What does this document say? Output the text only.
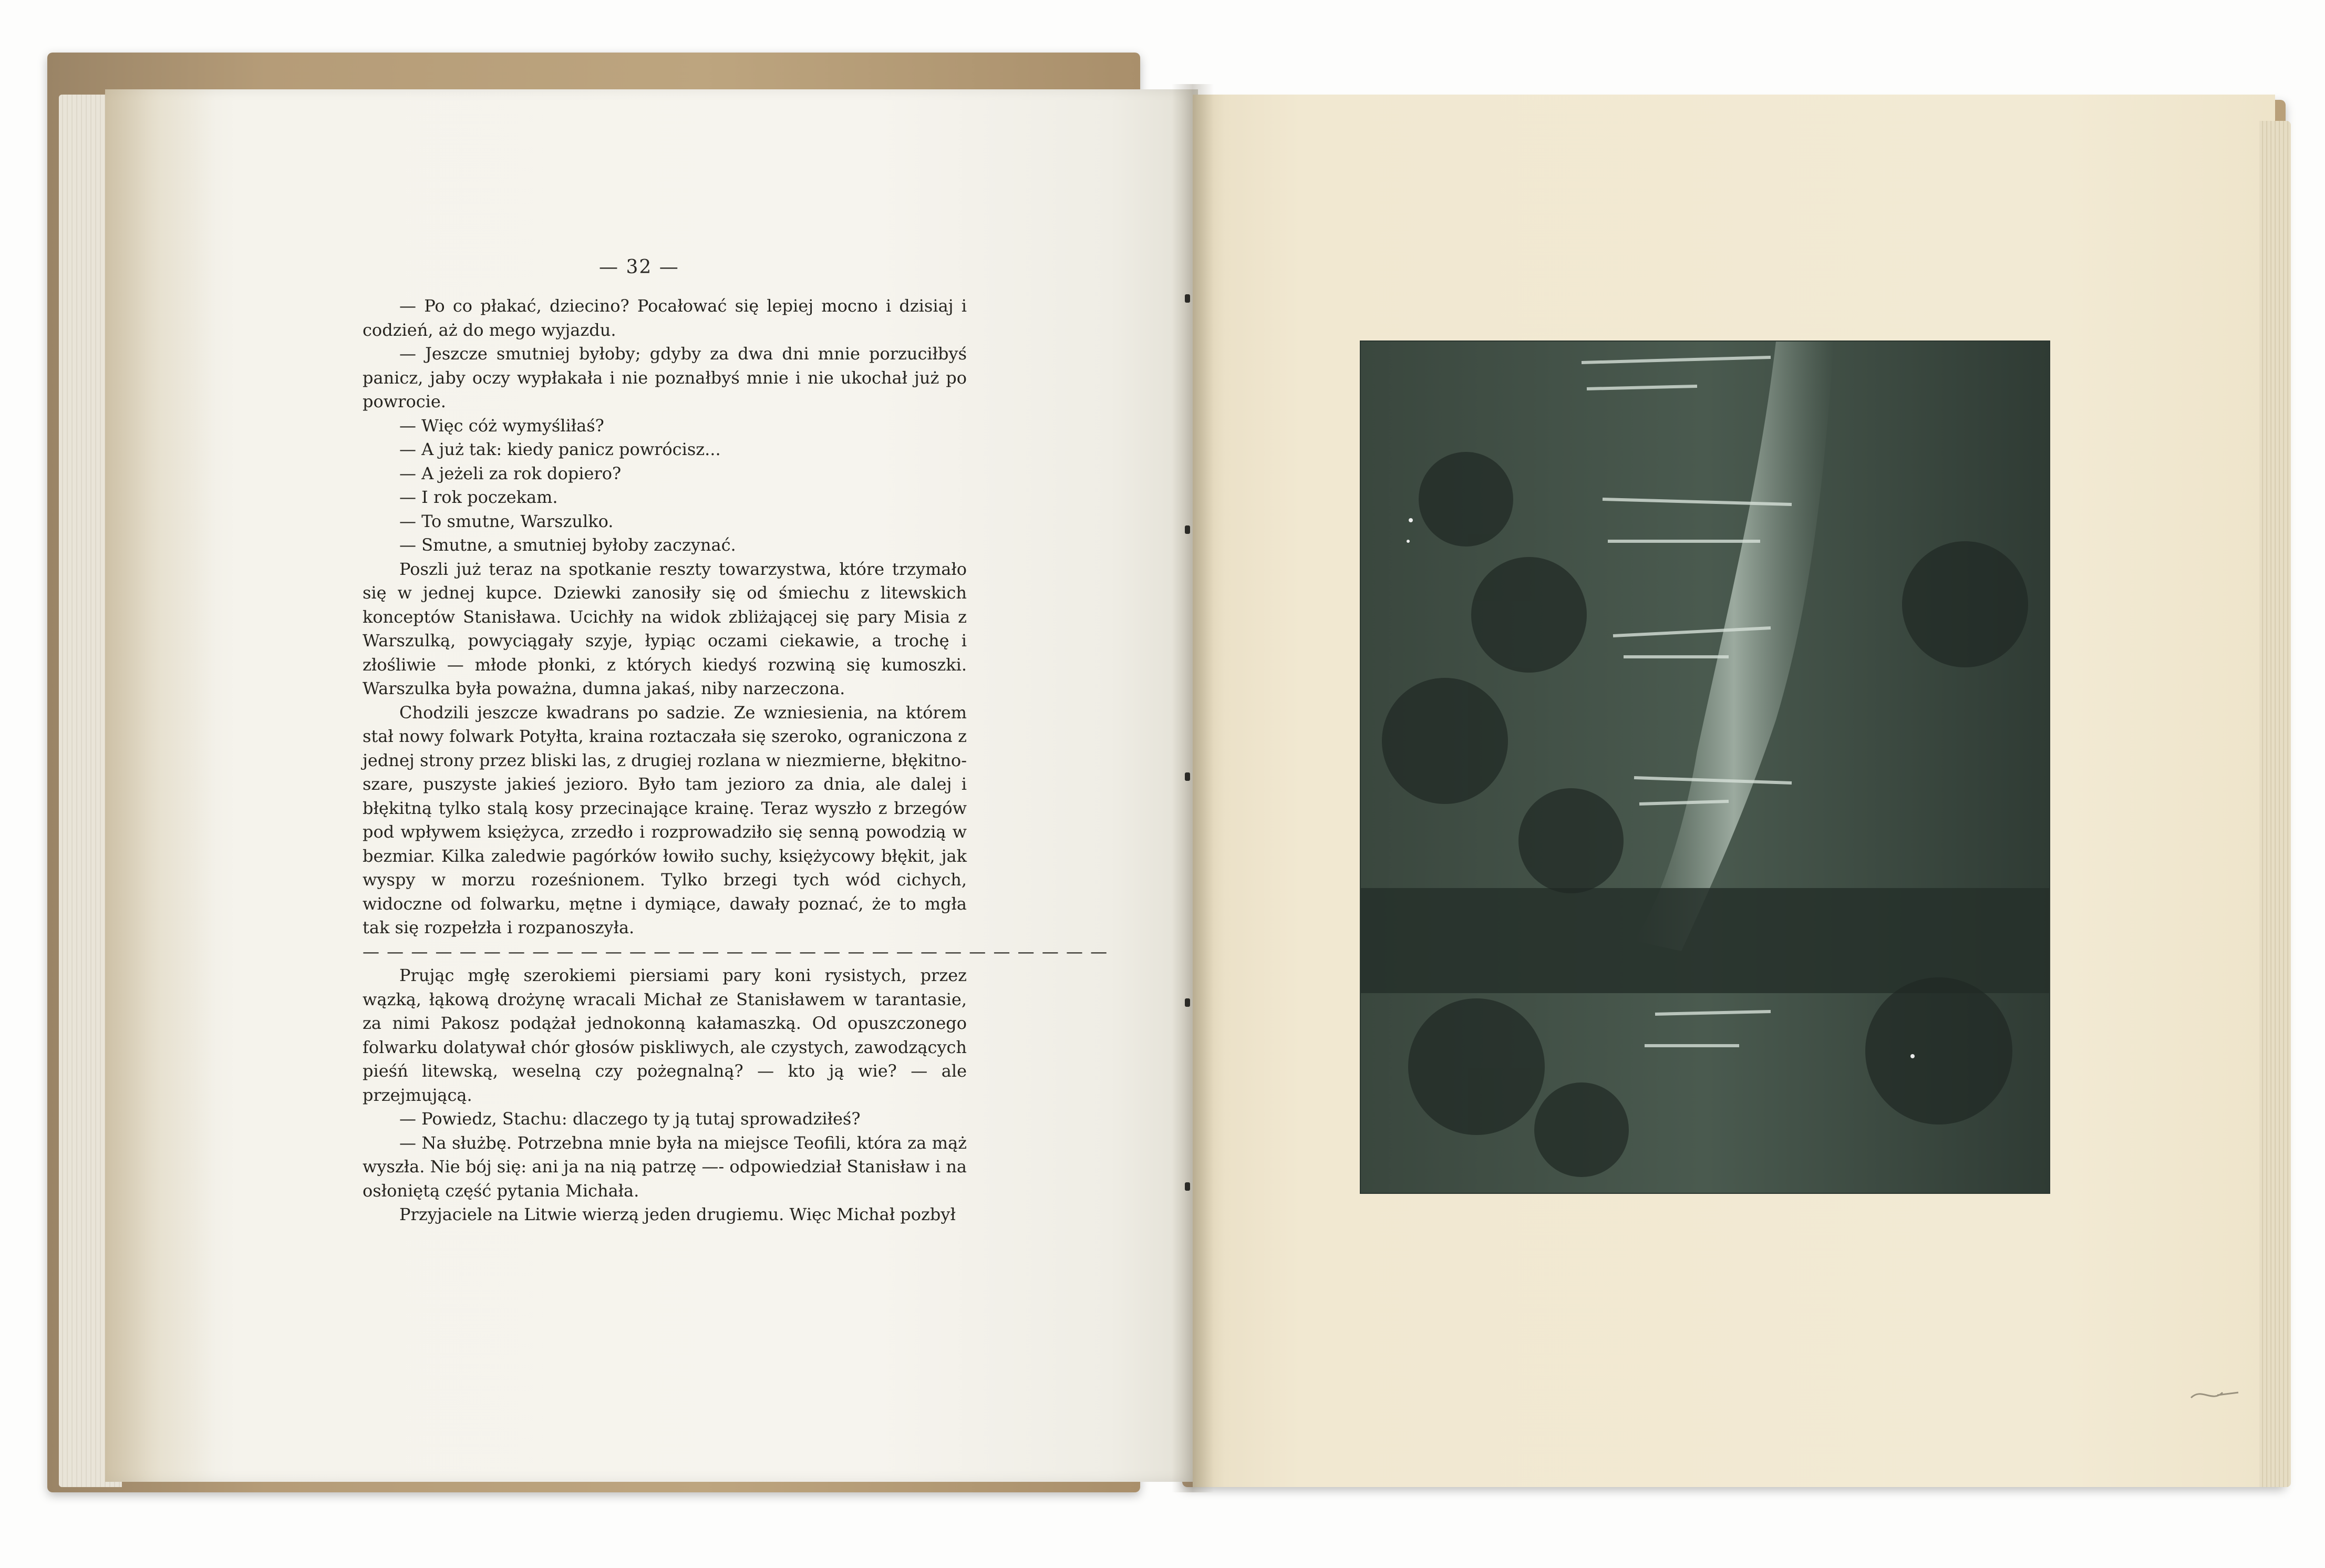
— 32 —

— Po co płakać, dziecino? Pocałować się lepiej mocno i dzisiaj i codzień, aż do mego wyjazdu.

— Jeszcze smutniej byłoby; gdyby za dwa dni mnie porzuciłbyś panicz, jaby oczy wypłakała i nie poznałbyś mnie i nie ukochał już po powrocie.

— Więc cóż wymyśliłaś?

— A już tak: kiedy panicz powrócisz...

— A jeżeli za rok dopiero?

— I rok poczekam.

— To smutne, Warszulko.

— Smutne, a smutniej byłoby zaczynać.

Poszli już teraz na spotkanie reszty towarzystwa, które trzymało się w jednej kupce. Dziewki zanosiły się od śmiechu z litewskich konceptów Stanisława. Ucichły na widok zbliżającej się pary Misia z Warszulką, powyciągały szyje, łypiąc oczami ciekawie, a trochę i złośliwie — młode płonki, z których kiedyś rozwiną się kumoszki. Warszulka była poważna, dumna jakaś, niby narzeczona.

Chodzili jeszcze kwadrans po sadzie. Ze wzniesienia, na którem stał nowy folwark Potyłta, kraina roztaczała się szeroko, ograniczona z jednej strony przez bliski las, z drugiej rozlana w niezmierne, błękitno-szare, puszyste jakieś jezioro. Było tam jezioro za dnia, ale dalej i błękitną tylko stalą kosy przecinające krainę. Teraz wyszło z brzegów pod wpływem księżyca, zrzedło i rozprowadziło się senną powodzią w bezmiar. Kilka zaledwie pagórków łowiło suchy, księżycowy błękit, jak wyspy w morzu roześnionem. Tylko brzegi tych wód cichych, widoczne od folwarku, mętne i dymiące, dawały poznać, że to mgła tak się rozpełzła i rozpanoszyła.

— — — — — — — — — — — — — — — — — — — — — — — — — — — — — — —

Prując mgłę szerokiemi piersiami pary koni rysistych, przez wązką, łąkową drożynę wracali Michał ze Stanisławem w tarantasie, za nimi Pakosz podążał jednokonną kałamaszką. Od opuszczonego folwarku dolatywał chór głosów piskliwych, ale czystych, zawodzących pieśń litewską, weselną czy pożegnalną? — kto ją wie? — ale przejmującą.

— Powiedz, Stachu: dlaczego ty ją tutaj sprowadziłeś?

— Na służbę. Potrzebna mnie była na miejsce Teofili, która za mąż wyszła. Nie bój się: ani ja na nią patrzę —- odpowiedział Stanisław i na osłoniętą część pytania Michała.

Przyjaciele na Litwie wierzą jeden drugiemu. Więc Michał pozbył
